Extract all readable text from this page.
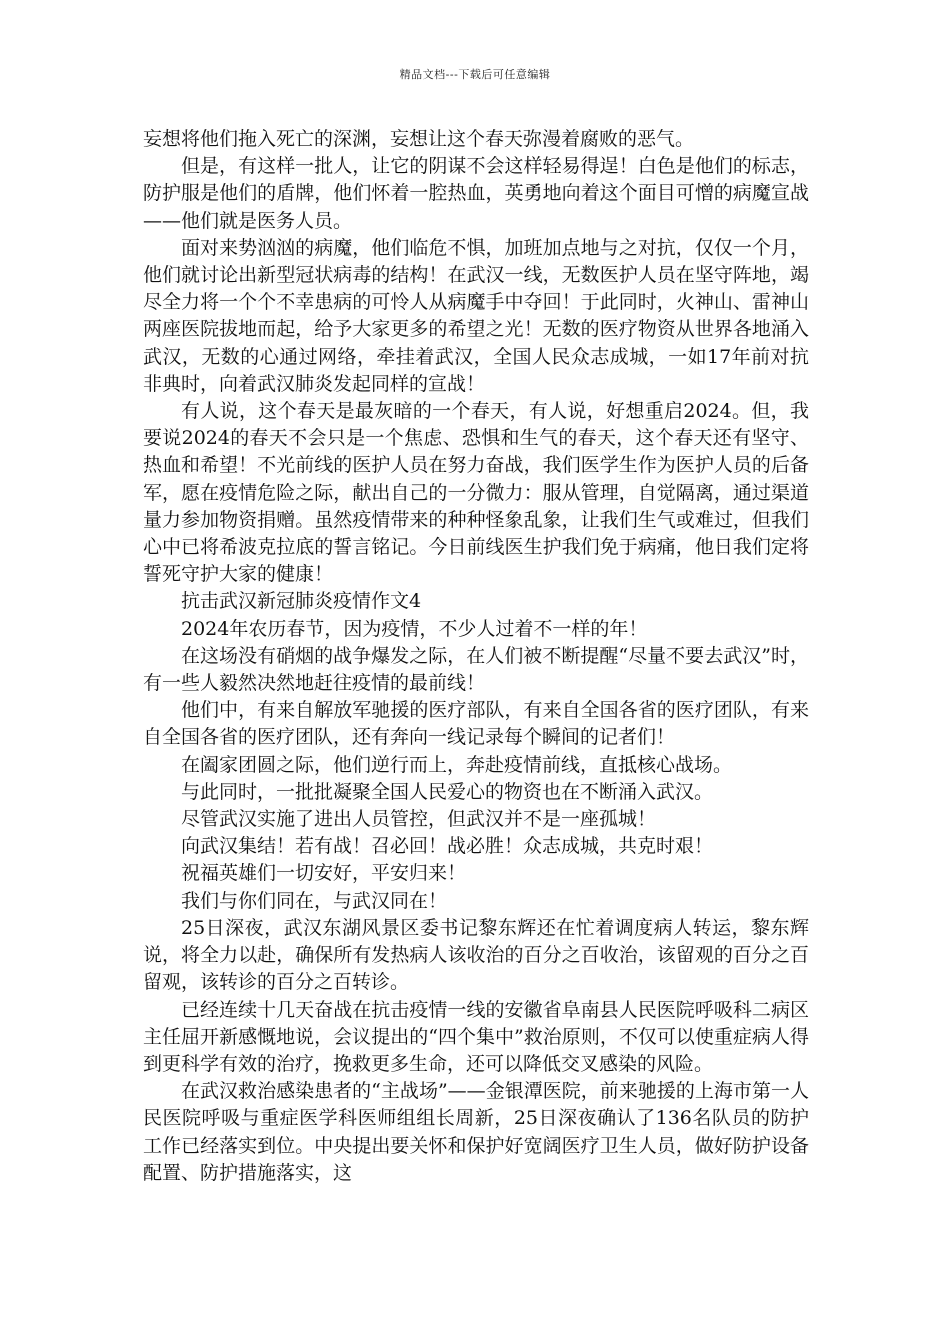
精品文档---下载后可任意编辑

妄想将他们拖入死亡的深渊，妄想让这个春天弥漫着腐败的恶气。

但是，有这样一批人，让它的阴谋不会这样轻易得逞！白色是他们的标志，防护服是他们的盾牌，他们怀着一腔热血，英勇地向着这个面目可憎的病魔宣战——他们就是医务人员。

面对来势汹汹的病魔，他们临危不惧，加班加点地与之对抗，仅仅一个月，他们就讨论出新型冠状病毒的结构！在武汉一线，无数医护人员在坚守阵地，竭尽全力将一个个不幸患病的可怜人从病魔手中夺回！于此同时，火神山、雷神山两座医院拔地而起，给予大家更多的希望之光！无数的医疗物资从世界各地涌入武汉，无数的心通过网络，牵挂着武汉，全国人民众志成城，一如17年前对抗非典时，向着武汉肺炎发起同样的宣战！

有人说，这个春天是最灰暗的一个春天，有人说，好想重启2024。但，我要说2024的春天不会只是一个焦虑、恐惧和生气的春天，这个春天还有坚守、热血和希望！不光前线的医护人员在努力奋战，我们医学生作为医护人员的后备军，愿在疫情危险之际，献出自己的一分微力：服从管理，自觉隔离，通过渠道量力参加物资捐赠。虽然疫情带来的种种怪象乱象，让我们生气或难过，但我们心中已将希波克拉底的誓言铭记。今日前线医生护我们免于病痛，他日我们定将誓死守护大家的健康！

抗击武汉新冠肺炎疫情作文4

2024年农历春节，因为疫情，不少人过着不一样的年！

在这场没有硝烟的战争爆发之际，在人们被不断提醒“尽量不要去武汉”时，有一些人毅然决然地赶往疫情的最前线！

他们中，有来自解放军驰援的医疗部队，有来自全国各省的医疗团队，有来自全国各省的医疗团队，还有奔向一线记录每个瞬间的记者们！

在阖家团圆之际，他们逆行而上，奔赴疫情前线，直抵核心战场。

与此同时，一批批凝聚全国人民爱心的物资也在不断涌入武汉。

尽管武汉实施了进出人员管控，但武汉并不是一座孤城！

向武汉集结！若有战！召必回！战必胜！众志成城，共克时艰！

祝福英雄们一切安好，平安归来！

我们与你们同在，与武汉同在！

25日深夜，武汉东湖风景区委书记黎东辉还在忙着调度病人转运，黎东辉说，将全力以赴，确保所有发热病人该收治的百分之百收治，该留观的百分之百留观，该转诊的百分之百转诊。

已经连续十几天奋战在抗击疫情一线的安徽省阜南县人民医院呼吸科二病区主任屈开新感慨地说，会议提出的“四个集中”救治原则，不仅可以使重症病人得到更科学有效的治疗，挽救更多生命，还可以降低交叉感染的风险。

在武汉救治感染患者的“主战场”——金银潭医院，前来驰援的上海市第一人民医院呼吸与重症医学科医师组组长周新，25日深夜确认了136名队员的防护工作已经落实到位。中央提出要关怀和保护好宽阔医疗卫生人员，做好防护设备配置、防护措施落实，这
